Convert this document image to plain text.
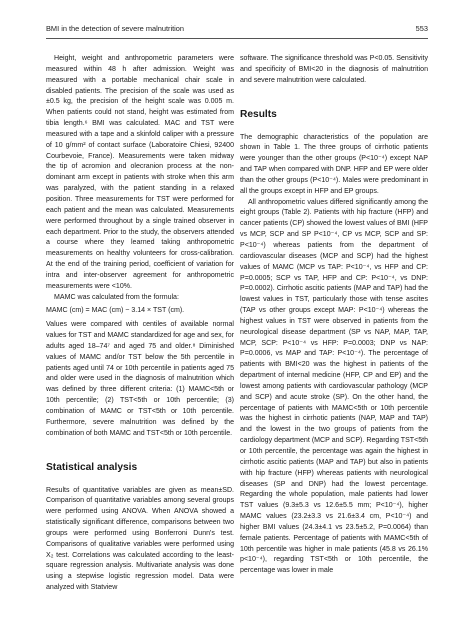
BMI in the detection of severe malnutrition	553

Height, weight and anthropometric parameters were measured within 48 h after admission. Weight was measured with a portable mechanical chair scale in disabled patients. The precision of the scale was used as ±0.5 kg, the precision of the height scale was 0.005 m. When patients could not stand, height was estimated from tibia length.⁶ BMI was calculated. MAC and TST were measured with a tape and a skinfold caliper with a pressure of 10 g/mm² of contact surface (Laboratoire Chiesi, 92400 Courbevoie, France). Measurements were taken midway the tip of acromion and olecranion process at the non-dominant arm except in patients with stroke when this arm was paralyzed, with the patient standing in a relaxed position. Three measurements for TST were performed for each patient and the mean was calculated. Measurements were performed throughout by a single trained observer in each department. Prior to the study, the observers attended a course where they learned taking anthropometric measurements on healthy volunteers for cross-calibration. At the end of the training period, coefficient of variation for intra and inter-observer agreement for anthropometric measurements were <10%.

MAMC was calculated from the formula:

MAMC (cm) = MAC (cm) − 3.14 × TST (cm).

Values were compared with centiles of available normal values for TST and MAMC standardized for age and sex, for adults aged 18–74⁷ and aged 75 and older.⁸ Diminished values of MAMC and/or TST below the 5th percentile in patients aged until 74 or 10th percentile in patients aged 75 and older were used in the diagnosis of malnutrition which was defined by three different criteria: (1) MAMC<5th or 10th percentile; (2) TST<5th or 10th percentile; (3) combination of MAMC or TST<5th or 10th percentile. Furthermore, severe malnutrition was defined by the combination of both MAMC and TST<5th or 10th percentile.

Statistical analysis

Results of quantitative variables are given as mean±SD. Comparison of quantitative variables among several groups were performed using ANOVA. When ANOVA showed a statistically significant difference, comparisons between two groups were performed using Bonferroni Dunn's test. Comparisons of qualitative variables were performed using X₂ test. Correlations was calculated according to the least-square regression analysis. Multivariate analysis was done using a stepwise logistic regression model. Data were analyzed with Statview

software. The significance threshold was P<0.05. Sensitivity and specificity of BMI<20 in the diagnosis of malnutrition and severe malnutrition were calculated.

Results

The demographic characteristics of the population are shown in Table 1. The three groups of cirrhotic patients were younger than the other groups (P<10⁻⁴) except NAP and TAP when compared with DNP. HFP and EP were older than the other groups (P<10⁻⁴). Males were predominant in all the groups except in HFP and EP groups.

All anthropometric values differed significantly among the eight groups (Table 2). Patients with hip fracture (HFP) and cancer patients (CP) showed the lowest values of BMI (HFP vs MCP, SCP and SP P<10⁻⁴, CP vs MCP, SCP and SP: P<10⁻⁴) whereas patients from the department of cardiovascular diseases (MCP and SCP) had the highest values of MAMC (MCP vs TAP: P<10⁻⁴, vs HFP and CP: P=0.0005; SCP vs TAP, HFP and CP: P<10⁻⁴, vs DNP: P=0.0002). Cirrhotic ascitic patients (MAP and TAP) had the lowest values in TST, particularly those with tense ascites (TAP vs other groups except MAP: P<10⁻⁴) whereas the highest values in TST were observed in patients from the neurological disease department (SP vs NAP, MAP, TAP, MCP, SCP: P<10⁻⁴ vs HFP: P=0.0003; DNP vs NAP: P=0.0006, vs MAP and TAP: P<10⁻⁴). The percentage of patients with BMI<20 was the highest in patients of the department of internal medicine (HFP, CP and EP) and the lowest among patients with cardiovascular pathology (MCP and SCP) and acute stroke (SP). On the other hand, the percentage of patients with MAMC<5th or 10th percentile was the highest in cirrhotic patients (NAP, MAP and TAP) and the lowest in the two groups of patients from the cardiology department (MCP and SCP). Regarding TST<5th or 10th percentile, the percentage was again the highest in cirrhotic ascitic patients (MAP and TAP) but also in patients with hip fracture (HFP) whereas patients with neurological diseases (SP and DNP) had the lowest percentage. Regarding the whole population, male patients had lower TST values (9.3±5.3 vs 12.6±5.5 mm; P<10⁻⁴), higher MAMC values (23.2±3.3 vs 21.6±3.4 cm, P<10⁻⁴) and higher BMI values (24.3±4.1 vs 23.5±5.2, P=0.0064) than female patients. Percentage of patients with MAMC<5th of 10th percentile was higher in male patients (45.8 vs 26.1% p<10⁻⁴), regarding TST<5th or 10th percentile, the percentage was lower in male
